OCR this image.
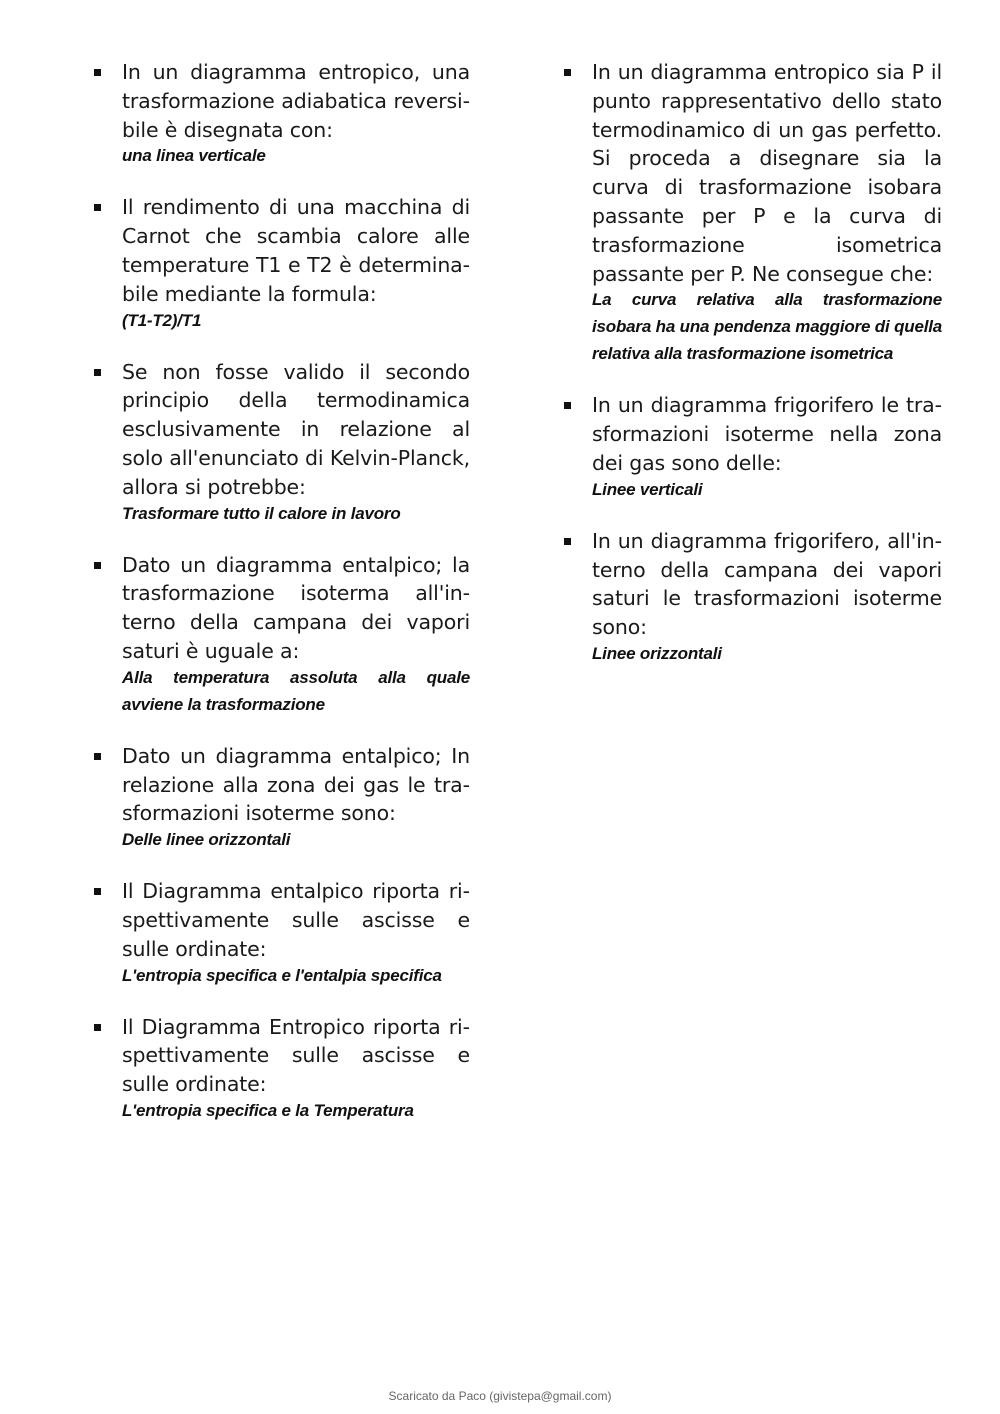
In un diagramma entropico, una trasformazione adiabatica reversibile è disegnata con:
una linea verticale
Il rendimento di una macchina di Carnot che scambia calore alle temperature T1 e T2 è determinabile mediante la formula:
(T1-T2)/T1
Se non fosse valido il secondo principio della termodinamica esclusivamente in relazione al solo all'enunciato di Kelvin-Planck, allora si potrebbe:
Trasformare tutto il calore in lavoro
Dato un diagramma entalpico; la trasformazione isoterma all'interno della campana dei vapori saturi è uguale a:
Alla temperatura assoluta alla quale avviene la trasformazione
Dato un diagramma entalpico; In relazione alla zona dei gas le trasformazioni isoterme sono:
Delle linee orizzontali
Il Diagramma entalpico riporta rispettivamente sulle ascisse e sulle ordinate:
L'entropia specifica e l'entalpia specifica
Il Diagramma Entropico riporta rispettivamente sulle ascisse e sulle ordinate:
L'entropia specifica e la Temperatura
In un diagramma entropico sia P il punto rappresentativo dello stato termodinamico di un gas perfetto. Si proceda a disegnare sia la curva di trasformazione isobara passante per P e la curva di trasformazione isometrica passante per P. Ne consegue che:
La curva relativa alla trasformazione isobara ha una pendenza maggiore di quella relativa alla trasformazione isometrica
In un diagramma frigorifero le trasformazioni isoterme nella zona dei gas sono delle:
Linee verticali
In un diagramma frigorifero, all'interno della campana dei vapori saturi le trasformazioni isoterme sono:
Linee orizzontali
Scaricato da Paco (givistepa@gmail.com)
